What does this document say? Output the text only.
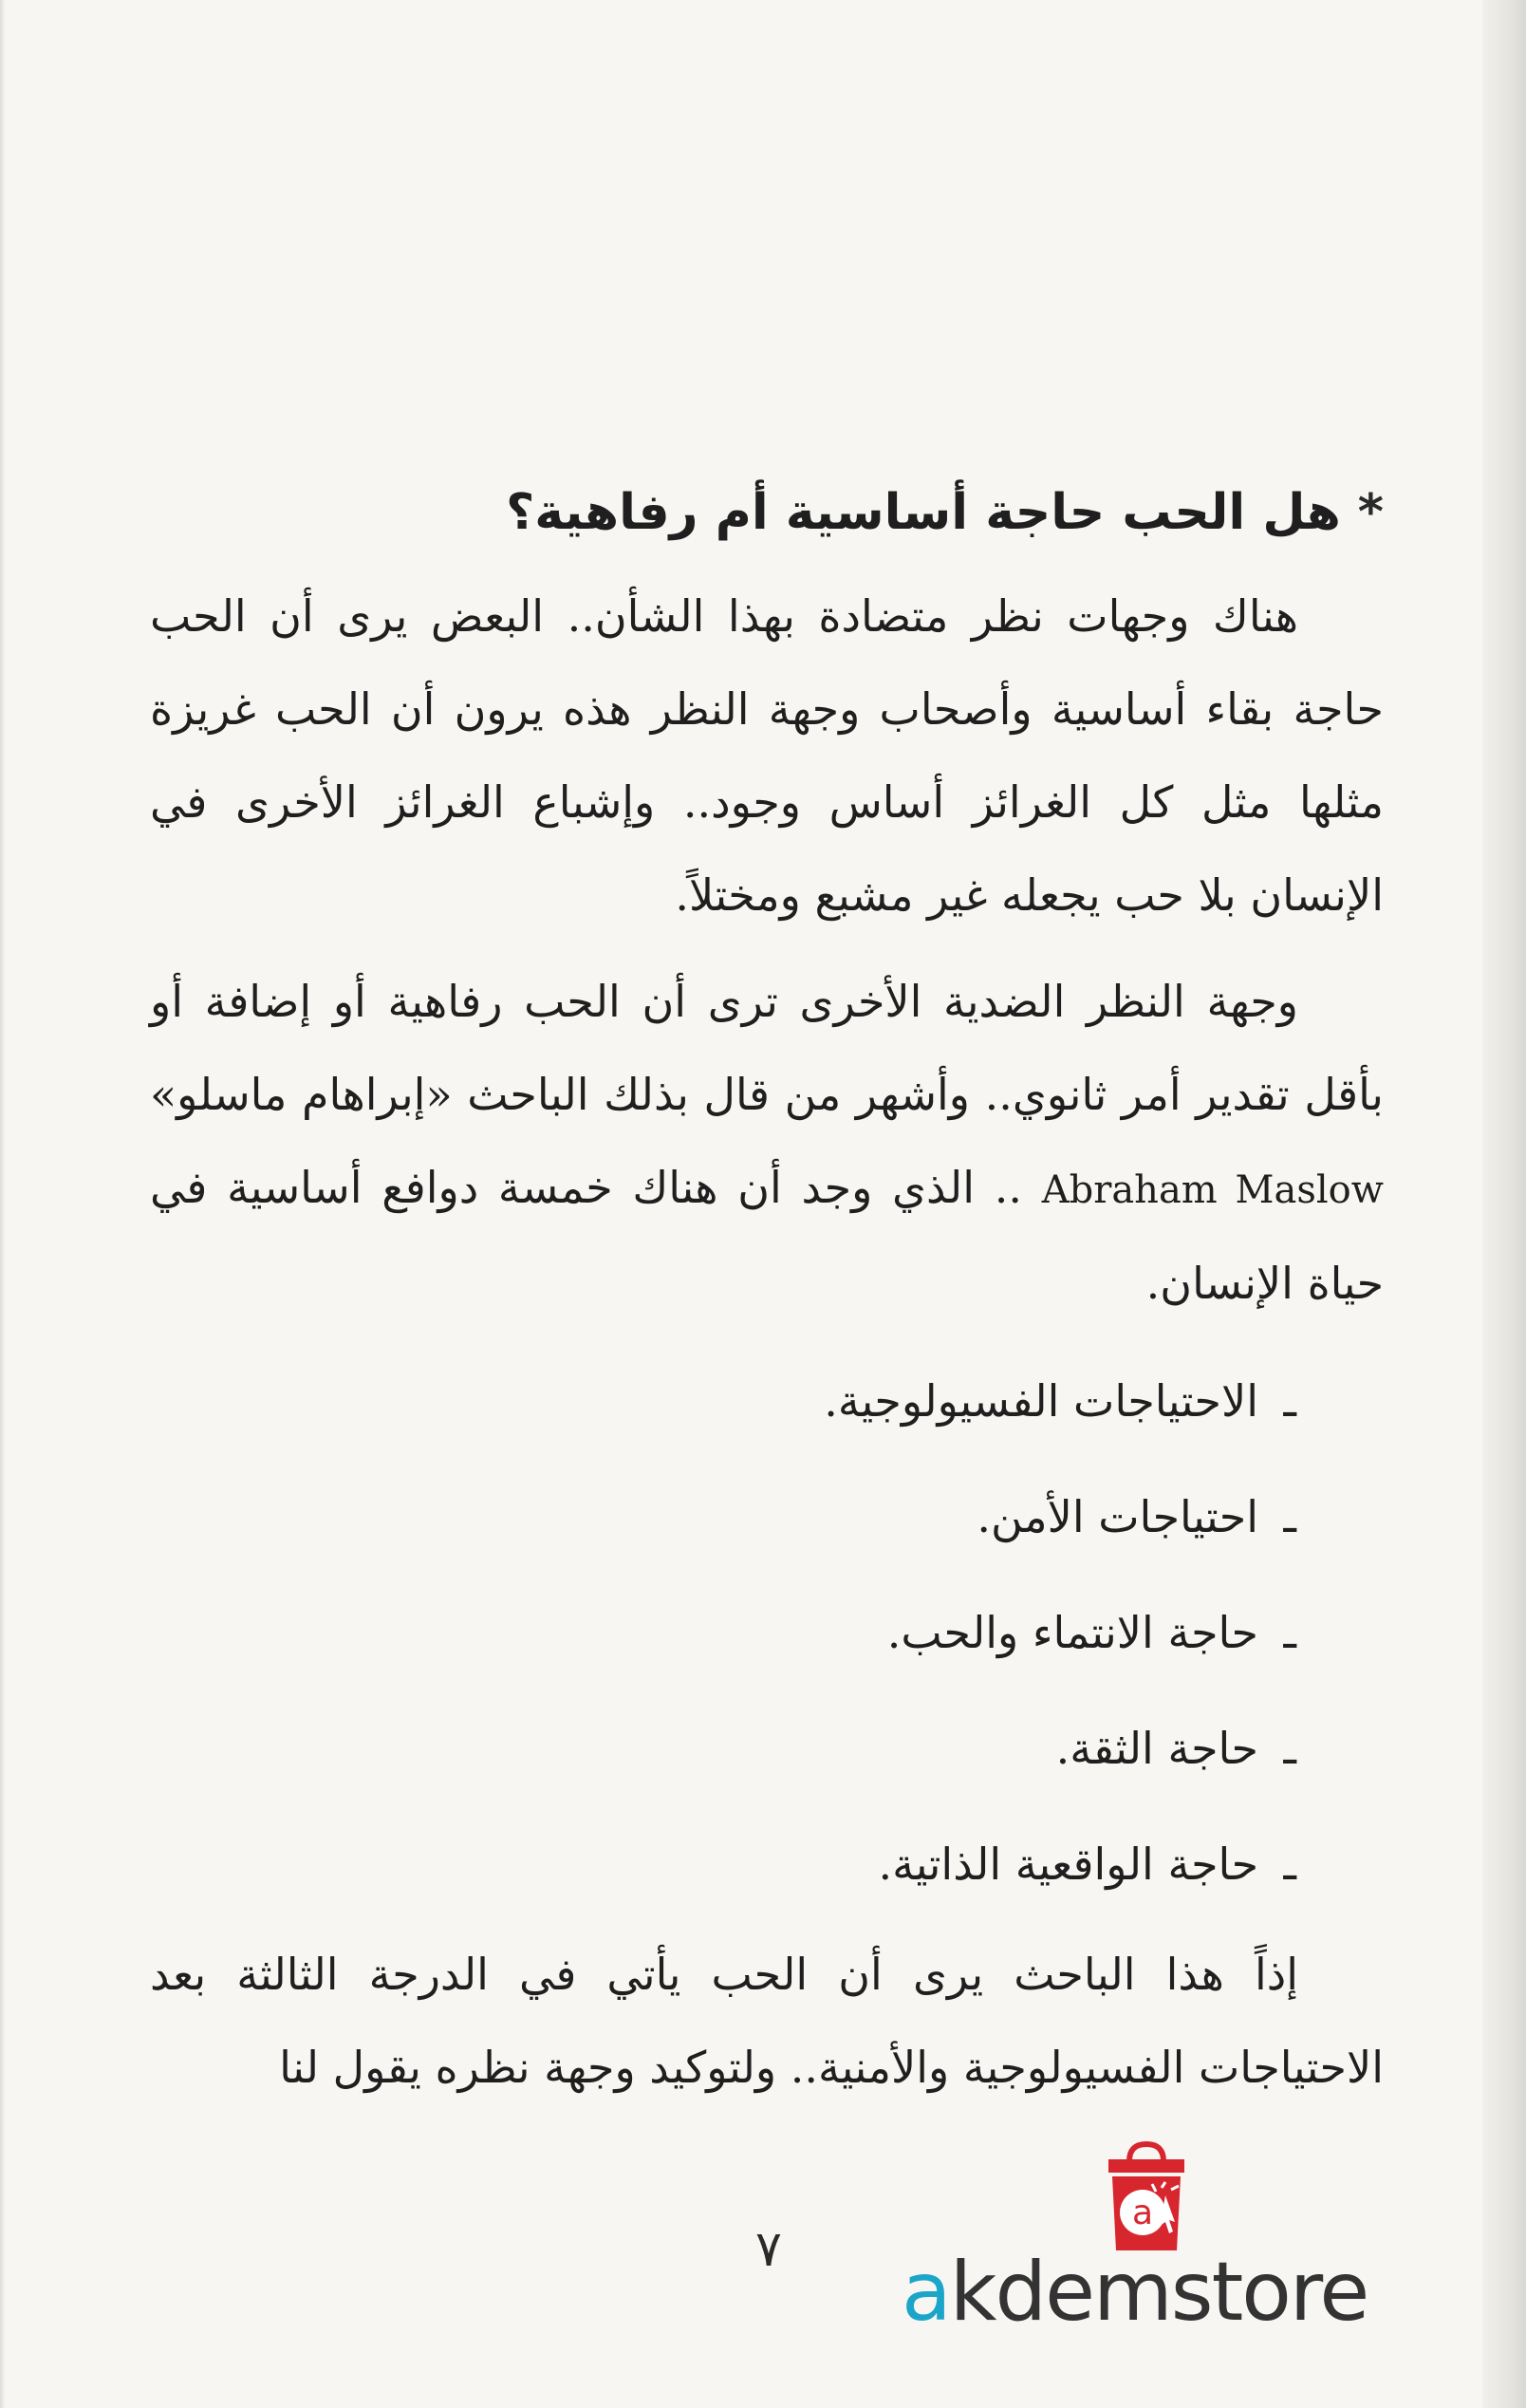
*هل الحب حاجة أساسية أم رفاهية؟

هناك وجهات نظر متضادة بهذا الشأن.. البعض يرى أن الحب حاجة بقاء أساسية وأصحاب وجهة النظر هذه يرون أن الحب غريزة مثلها مثل كل الغرائز أساس وجود.. وإشباع الغرائز الأخرى في الإنسان بلا حب يجعله غير مشبع ومختلاً.

وجهة النظر الضدية الأخرى ترى أن الحب رفاهية أو إضافة أو بأقل تقدير أمر ثانوي.. وأشهر من قال بذلك الباحث «إبراهام ماسلو» Abraham Maslow .. الذي وجد أن هناك خمسة دوافع أساسية في حياة الإنسان.

ـ
الاحتياجات الفسيولوجية.
ـ
احتياجات الأمن.
ـ
حاجة الانتماء والحب.
ـ
حاجة الثقة.
ـ
حاجة الواقعية الذاتية.

إذاً هذا الباحث يرى أن الحب يأتي في الدرجة الثالثة بعد الاحتياجات الفسيولوجية والأمنية.. ولتوكيد وجهة نظره يقول لنا

٧
a
akdemstore
